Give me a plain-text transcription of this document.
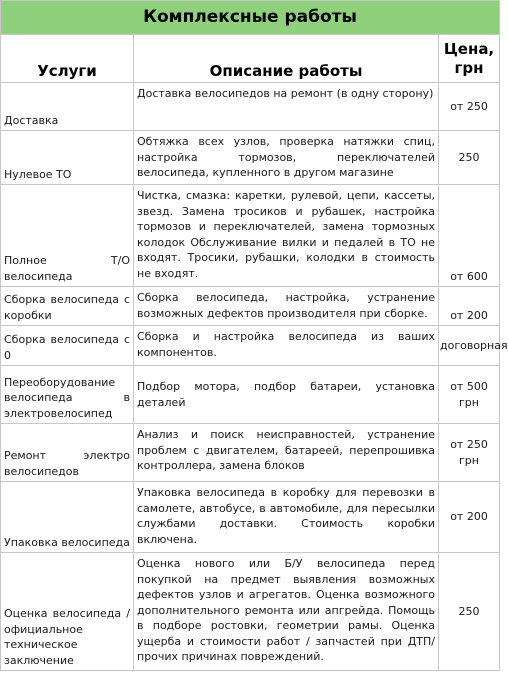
Комплексные работы		
Услуги	Описание работы	Цена, грн
Доставка	Доставка велосипедов на ремонт (в одну сторону)	от 250
Нулевое ТО	Обтяжка всех узлов, проверка натяжки спиц, настройка тормозов, переключателей велосипеда, купленного в другом магазине	250
Полное Т/О велосипеда	Чистка, смазка: каретки, рулевой, цепи, кассеты, звезд. Замена тросиков и рубашек, настройка тормозов и переключателей, замена тормозных колодок Обслуживание вилки и педалей в ТО не входят. Тросики, рубашки, колодки в стоимость не входят.	от 600
Сборка велосипеда с коробки	Сборка велосипеда, настройка, устранение возможных дефектов производителя при сборке.	от 200
Сборка велосипеда с 0	Сборка и настройка велосипеда из ваших компонентов.	договорная
Переоборудование велосипеда в электровелосипед	Подбор мотора, подбор батареи, установка деталей	от 500 грн
Ремонт электро велосипедов	Анализ и поиск неисправностей, устранение проблем с двигателем, батареей, перепрошивка контроллера, замена блоков	от 250 грн
Упаковка велосипеда	Упаковка велосипеда в коробку для перевозки в самолете, автобусе, в автомобиле, для пересылки службами доставки. Стоимость коробки включена.	от 200
Оценка велосипеда / официальное техническое заключение	Оценка нового или Б/У велосипеда перед покупкой на предмет выявления возможных дефектов узлов и агрегатов. Оценка возможного дополнительного ремонта или апгрейда. Помощь в подборе ростовки, геометрии рамы. Оценка ущерба и стоимости работ / запчастей при ДТП/прочих причинах повреждений.	250
